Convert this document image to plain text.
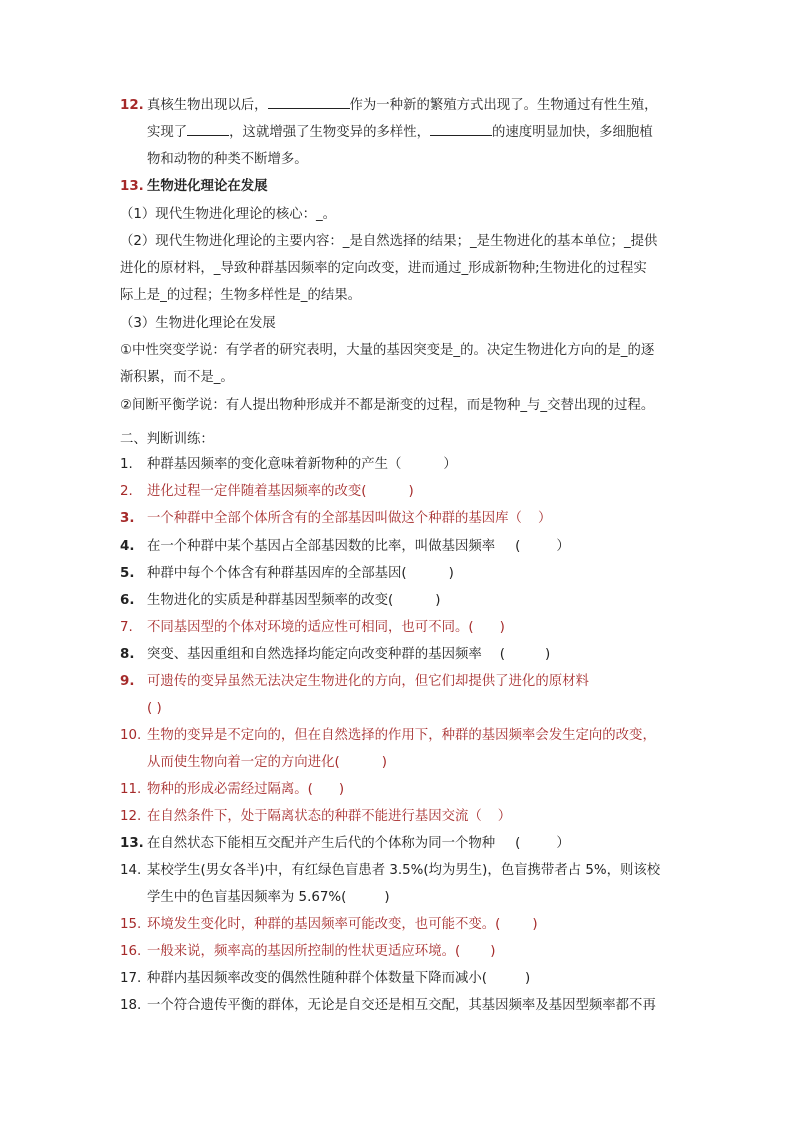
12. 真核生物出现以后，	作为一种新的繁殖方式出现了。生物通过有性生殖，
实现了	，这就增强了生物变异的多样性，	的速度明显加快，多细胞植
物和动物的种类不断增多。
13. 生物进化理论在发展
（1）现代生物进化理论的核心：_。
（2）现代生物进化理论的主要内容：_是自然选择的结果；_是生物进化的基本单位；_提供
进化的原材料，_导致种群基因频率的定向改变，进而通过_形成新物种;生物进化的过程实
际上是_的过程；生物多样性是_的结果。
（3）生物进化理论在发展
①中性突变学说：有学者的研究表明，大量的基因突变是_的。决定生物进化方向的是_的逐
渐积累，而不是_。
②间断平衡学说：有人提出物种形成并不都是渐变的过程，而是物种_与_交替出现的过程。
二、判断训练：
1. 种群基因频率的变化意味着新物种的产生（	）
2. 进化过程一定伴随着基因频率的改变(	)
3. 一个种群中全部个体所含有的全部基因叫做这个种群的基因库（ ）
4. 在一个种群中某个基因占全部基因数的比率，叫做基因频率 (	）
5. 种群中每个个体含有种群基因库的全部基因(	)
6. 生物进化的实质是种群基因型频率的改变(	)
7. 不同基因型的个体对环境的适应性可相同，也可不同。( )
8. 突变、基因重组和自然选择均能定向改变种群的基因频率 (	)
9. 可遗传的变异虽然无法决定生物进化的方向，但它们却提供了进化的原材料
( )
10. 生物的变异是不定向的，但在自然选择的作用下，种群的基因频率会发生定向的改变，
从而使生物向着一定的方向进化(	)
11. 物种的形成必需经过隔离。( )
12. 在自然条件下，处于隔离状态的种群不能进行基因交流（ ）
13. 在自然状态下能相互交配并产生后代的个体称为同一个物种 (	）
14. 某校学生(男女各半)中，有红绿色盲患者 3.5%(均为男生)，色盲携带者占 5%，则该校
学生中的色盲基因频率为 5.67%(	)
15. 环境发生变化时，种群的基因频率可能改变，也可能不变。( )
16. 一般来说，频率高的基因所控制的性状更适应环境。( )
17. 种群内基因频率改变的偶然性随种群个体数量下降而减小(	)
18. 一个符合遗传平衡的群体，无论是自交还是相互交配，其基因频率及基因型频率都不再
